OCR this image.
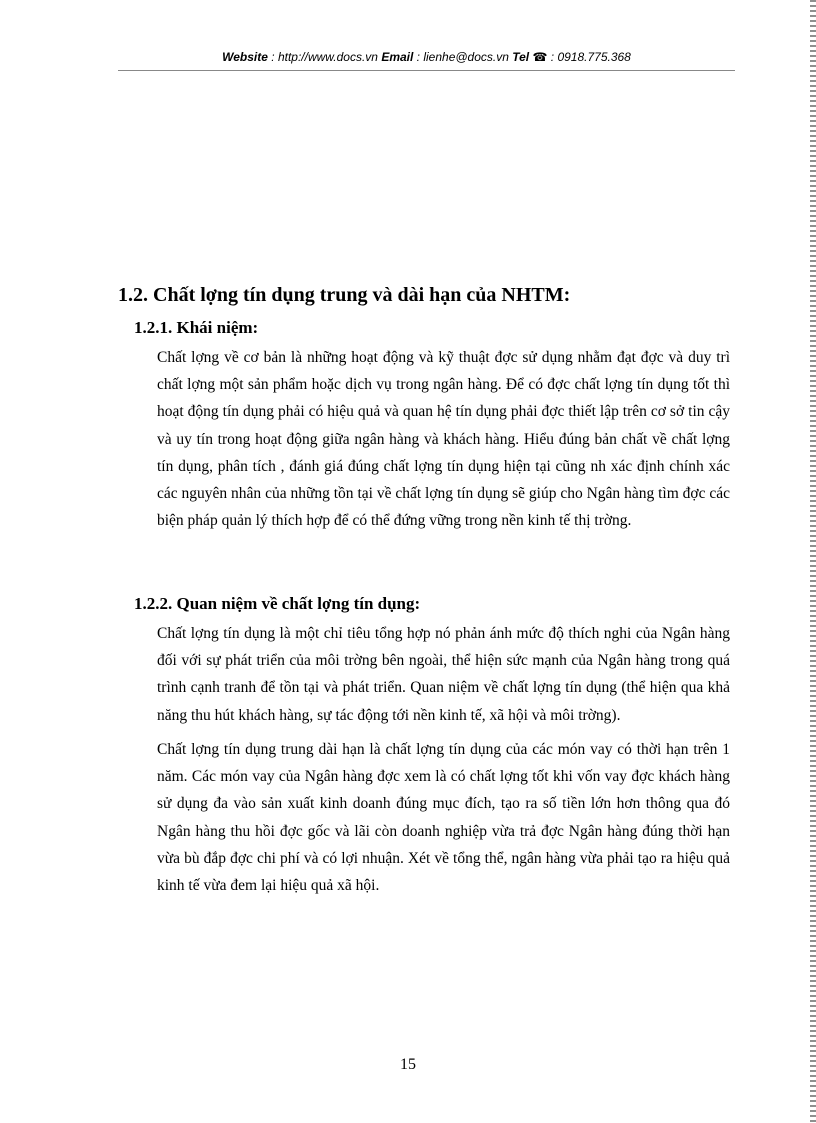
Website : http://www.docs.vn Email : lienhe@docs.vn Tel ☎ : 0918.775.368
1.2. Chất lợng tín dụng trung và dài hạn của NHTM:
1.2.1. Khái niệm:
Chất lợng về cơ bản là những hoạt động và kỹ thuật đợc sử dụng nhằm đạt đợc và duy trì chất lợng một sản phẩm hoặc dịch vụ trong ngân hàng. Để có đợc chất lợng tín dụng tốt thì hoạt động tín dụng phải có hiệu quả và quan hệ tín dụng phải đợc thiết lập trên cơ sở tin cậy và uy tín trong hoạt động giữa ngân hàng và khách hàng. Hiểu đúng bản chất về chất lợng tín dụng, phân tích , đánh giá đúng chất lợng tín dụng hiện tại cũng nh xác định chính xác các nguyên nhân của những tồn tại về chất lợng tín dụng sẽ giúp cho Ngân hàng tìm đợc các biện pháp quản lý thích hợp để có thể đứng vững trong nền kinh tế thị trờng.
1.2.2. Quan niệm về chất lợng tín dụng:
Chất lợng tín dụng là một chỉ tiêu tổng hợp nó phản ánh mức độ thích nghi của Ngân hàng đối với sự phát triển của môi trờng bên ngoài, thể hiện sức mạnh của Ngân hàng trong quá trình cạnh tranh để tồn tại và phát triển. Quan niệm về chất lợng tín dụng (thể hiện qua khả năng thu hút khách hàng, sự tác động tới nền kinh tế, xã hội và môi trờng).
Chất lợng tín dụng trung dài hạn là chất lợng tín dụng của các món vay có thời hạn trên 1 năm. Các món vay của Ngân hàng đợc xem là có chất lợng tốt khi vốn vay đợc khách hàng sử dụng đa vào sản xuất kinh doanh đúng mục đích, tạo ra số tiền lớn hơn thông qua đó Ngân hàng thu hồi đợc gốc và lãi còn doanh nghiệp vừa trả đợc Ngân hàng đúng thời hạn vừa bù đắp đợc chi phí và có lợi nhuận. Xét về tổng thể, ngân hàng vừa phải tạo ra hiệu quả kinh tế vừa đem lại hiệu quả xã hội.
15
